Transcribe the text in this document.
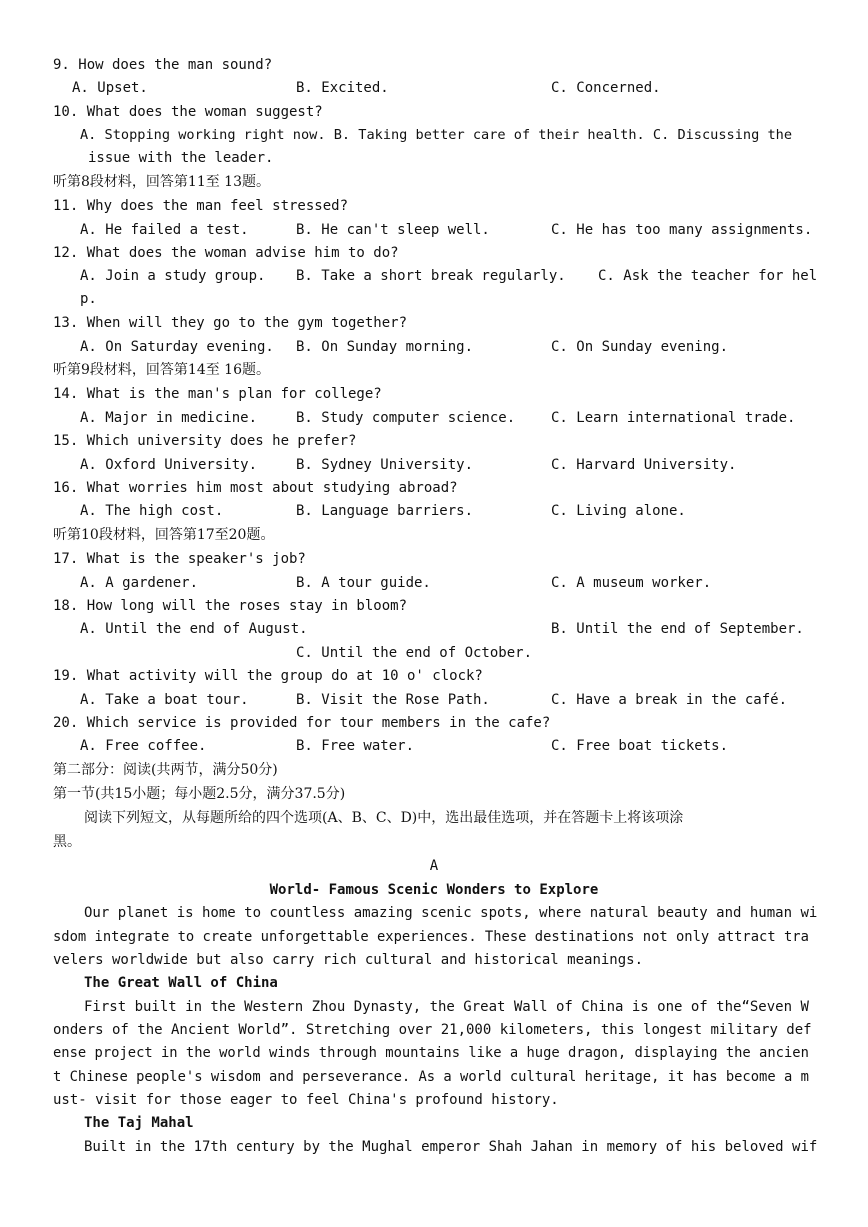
9. How does the man sound?
A. Upset.	B. Excited.	C. Concerned.
10. What does the woman suggest?
A. Stopping working right now. B. Taking better care of their health. C. Discussing the
issue with the leader.
听第8段材料，回答第11至 13题。
11. Why does the man feel stressed?
A. He failed a test.	B. He can't sleep well.	C. He has too many assignments.
12. What does the woman advise him to do?
A. Join a study group. B. Take a short break regularly. C. Ask the teacher for hel
p.
13. When will they go to the gym together?
A. On Saturday evening. B. On Sunday morning.	C. On Sunday evening.
听第9段材料，回答第14至 16题。
14. What is the man's plan for college?
A. Major in medicine.	B. Study computer science.	C. Learn international trade.
15. Which university does he prefer?
A. Oxford University.	B. Sydney University.	C. Harvard University.
16. What worries him most about studying abroad?
A. The high cost.	B. Language barriers.	C. Living alone.
听第10段材料，回答第17至20题。
17. What is the speaker's job?
A. A gardener.	B. A tour guide.	C. A museum worker.
18. How long will the roses stay in bloom?
A. Until the end of August.	B. Until the end of September.
C. Until the end of October.
19. What activity will the group do at 10 o' clock?
A. Take a boat tour.	B. Visit the Rose Path.	C. Have a break in the café.
20. Which service is provided for tour members in the cafe?
A. Free coffee.	B. Free water.	C. Free boat tickets.
第二部分：阅读(共两节，满分50分)
第一节(共15小题；每小题2.5分，满分37.5分)
阅读下列短文，从每题所给的四个选项(A、B、C、D)中，选出最佳选项，并在答题卡上将该项涂
黑。
A
World- Famous Scenic Wonders to Explore
Our planet is home to countless amazing scenic spots, where natural beauty and human wi
sdom integrate to create unforgettable experiences. These destinations not only attract tra
velers worldwide but also carry rich cultural and historical meanings.
The Great Wall of China
First built in the Western Zhou Dynasty, the Great Wall of China is one of the“Seven W
onders of the Ancient World”. Stretching over 21,000 kilometers, this longest military def
ense project in the world winds through mountains like a huge dragon, displaying the ancien
t Chinese people's wisdom and perseverance. As a world cultural heritage, it has become a m
ust- visit for those eager to feel China's profound history.
The Taj Mahal
Built in the 17th century by the Mughal emperor Shah Jahan in memory of his beloved wif
